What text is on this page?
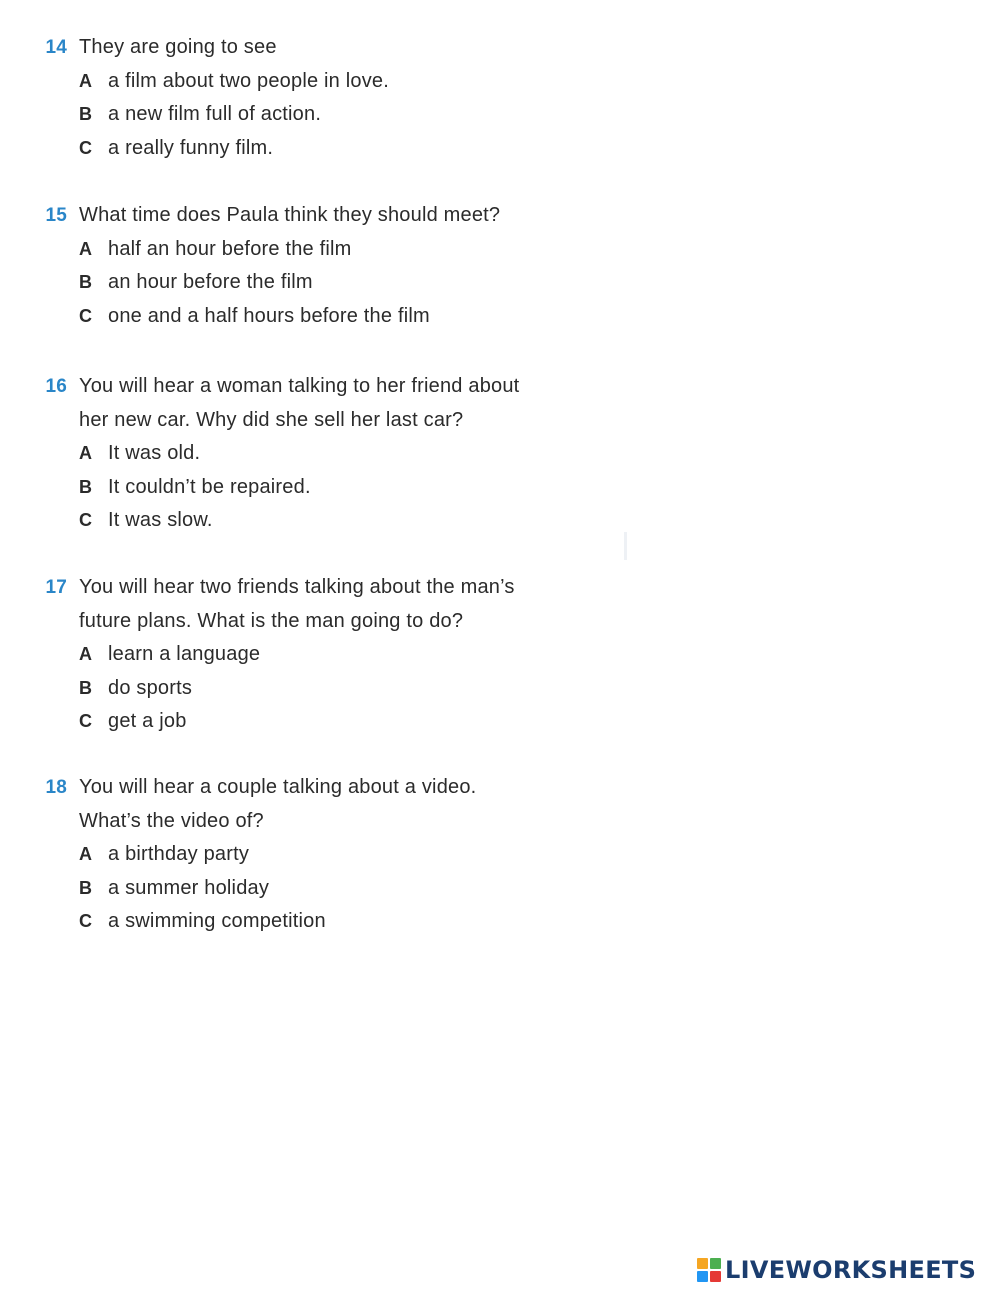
14 They are going to see
A a film about two people in love.
B a new film full of action.
C a really funny film.
15 What time does Paula think they should meet?
A half an hour before the film
B an hour before the film
C one and a half hours before the film
16 You will hear a woman talking to her friend about
her new car. Why did she sell her last car?
A It was old.
B It couldn’t be repaired.
C It was slow.
17 You will hear two friends talking about the man’s
future plans. What is the man going to do?
A learn a language
B do sports
C get a job
18 You will hear a couple talking about a video.
What’s the video of?
A a birthday party
B a summer holiday
C a swimming competition
LIVEWORKSHEETS
